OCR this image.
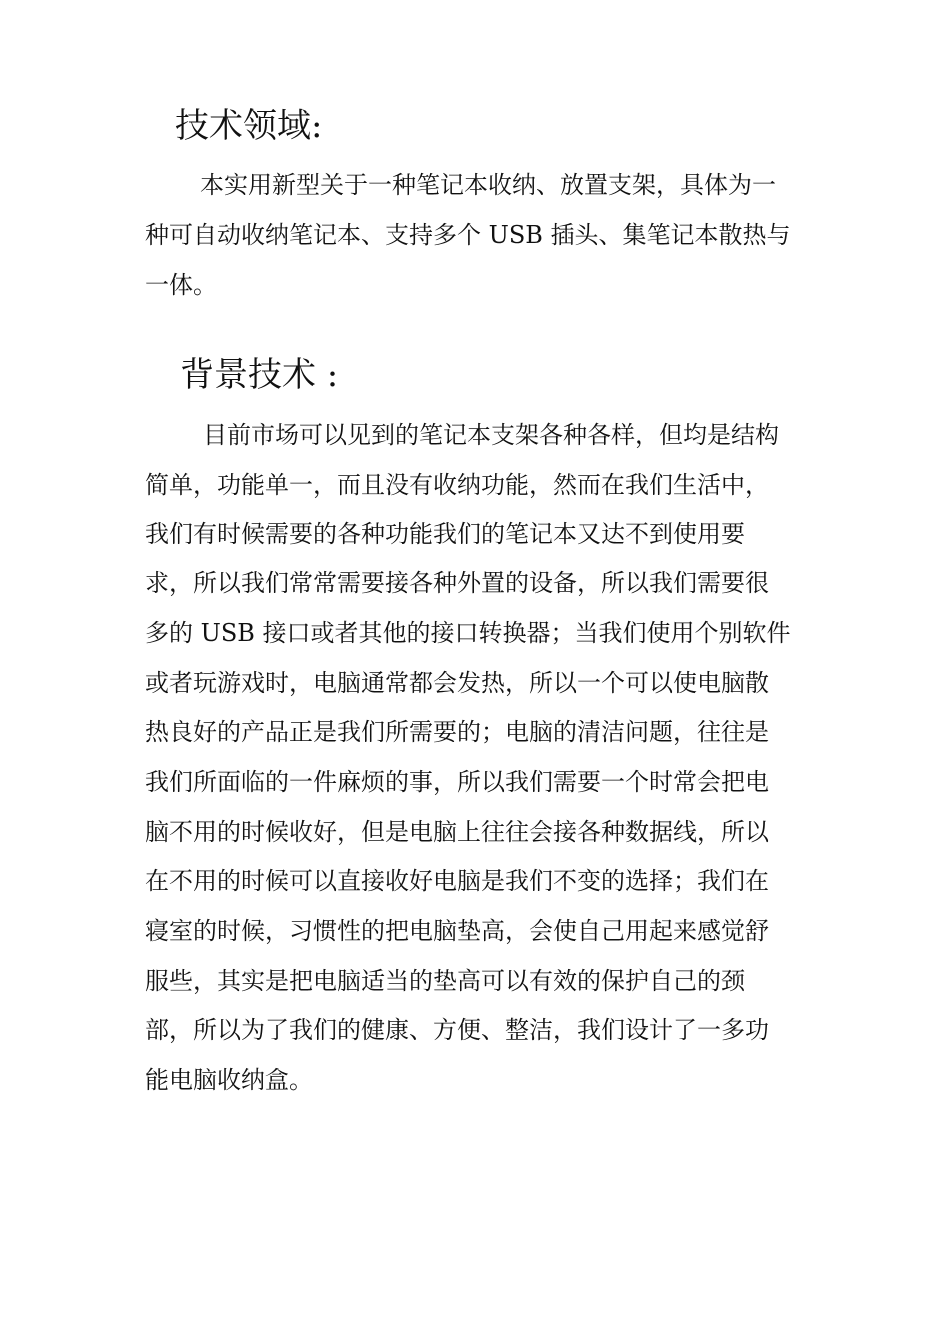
技术领域:
本实用新型关于一种笔记本收纳、放置支架，具体为一
种可自动收纳笔记本、支持多个 USB 插头、集笔记本散热与
一体。
背景技术 :
目前市场可以见到的笔记本支架各种各样，但均是结构
简单，功能单一，而且没有收纳功能，然而在我们生活中，
我们有时候需要的各种功能我们的笔记本又达不到使用要
求，所以我们常常需要接各种外置的设备，所以我们需要很
多的 USB 接口或者其他的接口转换器；当我们使用个别软件
或者玩游戏时，电脑通常都会发热，所以一个可以使电脑散
热良好的产品正是我们所需要的；电脑的清洁问题，往往是
我们所面临的一件麻烦的事，所以我们需要一个时常会把电
脑不用的时候收好，但是电脑上往往会接各种数据线，所以
在不用的时候可以直接收好电脑是我们不变的选择；我们在
寝室的时候，习惯性的把电脑垫高，会使自己用起来感觉舒
服些，其实是把电脑适当的垫高可以有效的保护自己的颈
部，所以为了我们的健康、方便、整洁，我们设计了一多功
能电脑收纳盒。
